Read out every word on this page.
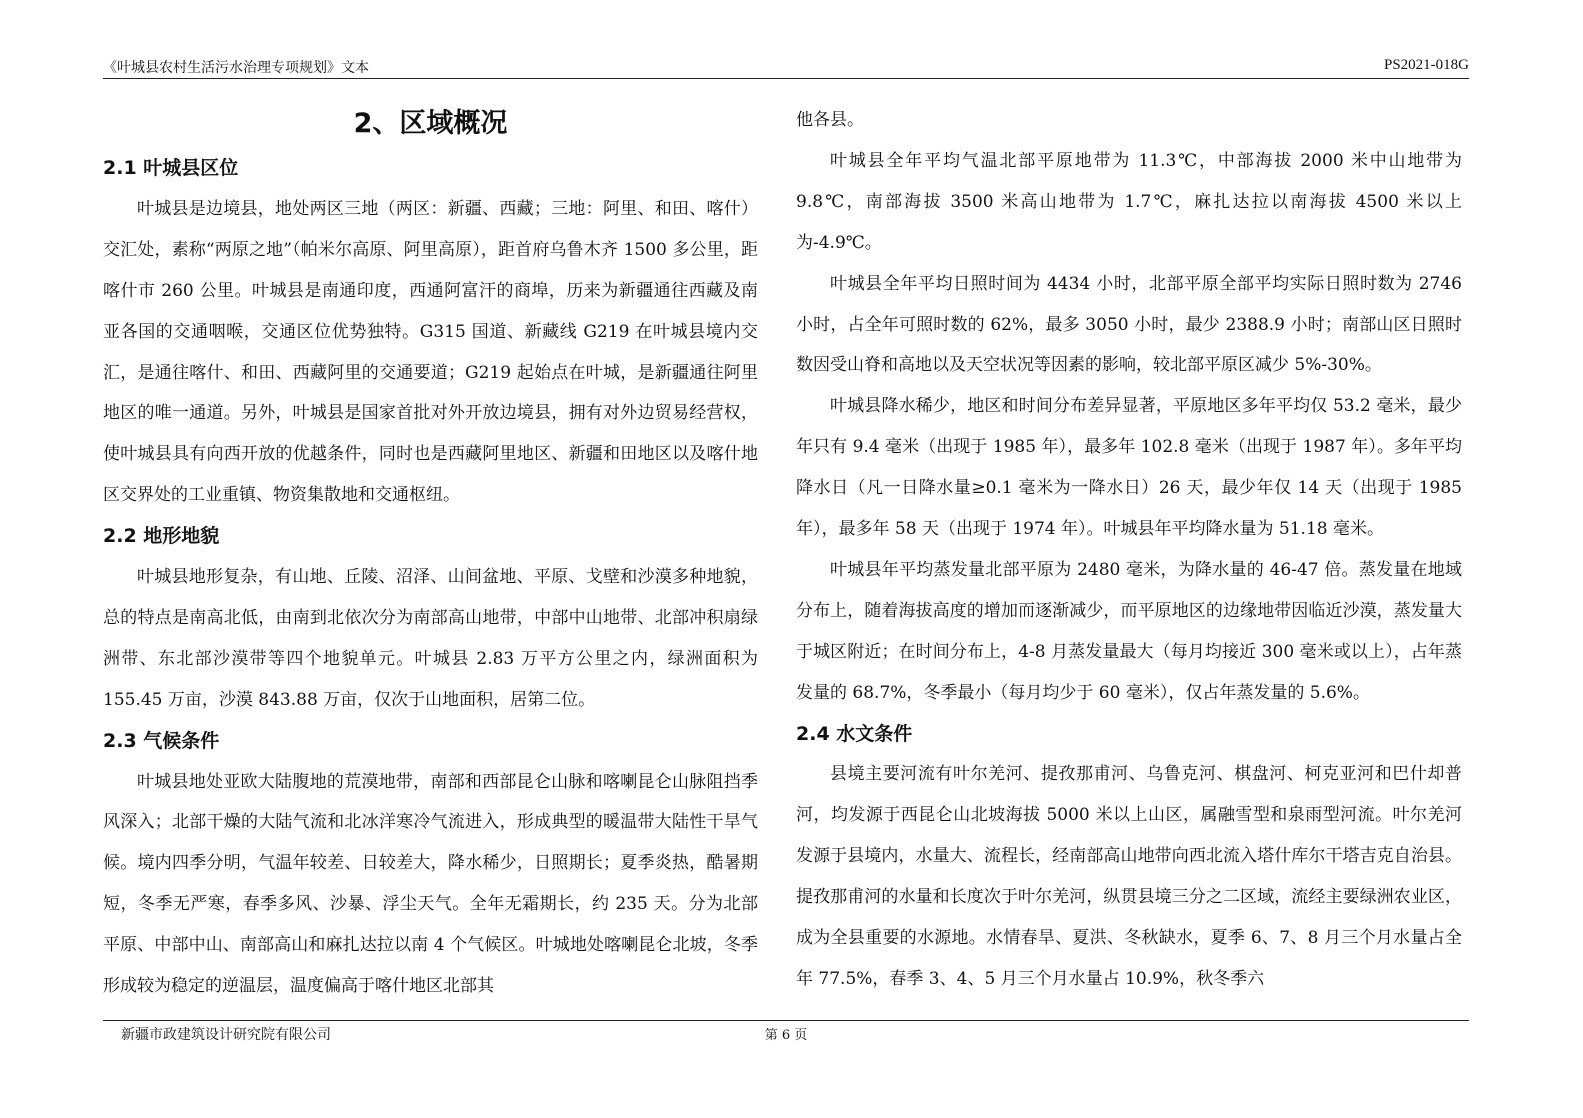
《叶城县农村生活污水治理专项规划》文本	PS2021-018G
2、区域概况
2.1 叶城县区位

叶城县是边境县，地处两区三地（两区：新疆、西藏；三地：阿里、和田、喀什）交汇处，素称“两原之地”（帕米尔高原、阿里高原），距首府乌鲁木齐 1500 多公里，距喀什市 260 公里。叶城县是南通印度，西通阿富汗的商埠，历来为新疆通往西藏及南亚各国的交通咽喉，交通区位优势独特。G315 国道、新藏线 G219 在叶城县境内交汇，是通往喀什、和田、西藏阿里的交通要道；G219 起始点在叶城，是新疆通往阿里地区的唯一通道。另外，叶城县是国家首批对外开放边境县，拥有对外边贸易经营权，使叶城县具有向西开放的优越条件，同时也是西藏阿里地区、新疆和田地区以及喀什地区交界处的工业重镇、物资集散地和交通枢纽。

2.2 地形地貌

叶城县地形复杂，有山地、丘陵、沼泽、山间盆地、平原、戈壁和沙漠多种地貌，总的特点是南高北低，由南到北依次分为南部高山地带，中部中山地带、北部冲积扇绿洲带、东北部沙漠带等四个地貌单元。叶城县 2.83 万平方公里之内，绿洲面积为 155.45 万亩，沙漠 843.88 万亩，仅次于山地面积，居第二位。

2.3 气候条件

叶城县地处亚欧大陆腹地的荒漠地带，南部和西部昆仑山脉和喀喇昆仑山脉阻挡季风深入；北部干燥的大陆气流和北冰洋寒冷气流进入，形成典型的暖温带大陆性干旱气候。境内四季分明，气温年较差、日较差大，降水稀少，日照期长；夏季炎热，酷暑期短，冬季无严寒，春季多风、沙暴、浮尘天气。全年无霜期长，约 235 天。分为北部平原、中部中山、南部高山和麻扎达拉以南 4 个气候区。叶城地处喀喇昆仑北坡，冬季形成较为稳定的逆温层，温度偏高于喀什地区北部其

他各县。

叶城县全年平均气温北部平原地带为 11.3℃，中部海拔 2000 米中山地带为 9.8℃，南部海拔 3500 米高山地带为 1.7℃，麻扎达拉以南海拔 4500 米以上为-4.9℃。

叶城县全年平均日照时间为 4434 小时，北部平原全部平均实际日照时数为 2746 小时，占全年可照时数的 62%，最多 3050 小时，最少 2388.9 小时；南部山区日照时数因受山脊和高地以及天空状况等因素的影响，较北部平原区减少 5%-30%。

叶城县降水稀少，地区和时间分布差异显著，平原地区多年平均仅 53.2 毫米，最少年只有 9.4 毫米（出现于 1985 年），最多年 102.8 毫米（出现于 1987 年）。多年平均降水日（凡一日降水量≥0.1 毫米为一降水日）26 天，最少年仅 14 天（出现于 1985 年），最多年 58 天（出现于 1974 年）。叶城县年平均降水量为 51.18 毫米。

叶城县年平均蒸发量北部平原为 2480 毫米，为降水量的 46-47 倍。蒸发量在地域分布上，随着海拔高度的增加而逐渐减少，而平原地区的边缘地带因临近沙漠，蒸发量大于城区附近；在时间分布上，4-8 月蒸发量最大（每月均接近 300 毫米或以上），占年蒸发量的 68.7%，冬季最小（每月均少于 60 毫米），仅占年蒸发量的 5.6%。

2.4 水文条件

县境主要河流有叶尔羌河、提孜那甫河、乌鲁克河、棋盘河、柯克亚河和巴什却普河，均发源于西昆仑山北坡海拔 5000 米以上山区，属融雪型和泉雨型河流。叶尔羌河发源于县境内，水量大、流程长，经南部高山地带向西北流入塔什库尔干塔吉克自治县。提孜那甫河的水量和长度次于叶尔羌河，纵贯县境三分之二区域，流经主要绿洲农业区，成为全县重要的水源地。水情春旱、夏洪、冬秋缺水，夏季 6、7、8 月三个月水量占全年 77.5%，春季 3、4、5 月三个月水量占 10.9%，秋冬季六

新疆市政建筑设计研究院有限公司	第 6 页
